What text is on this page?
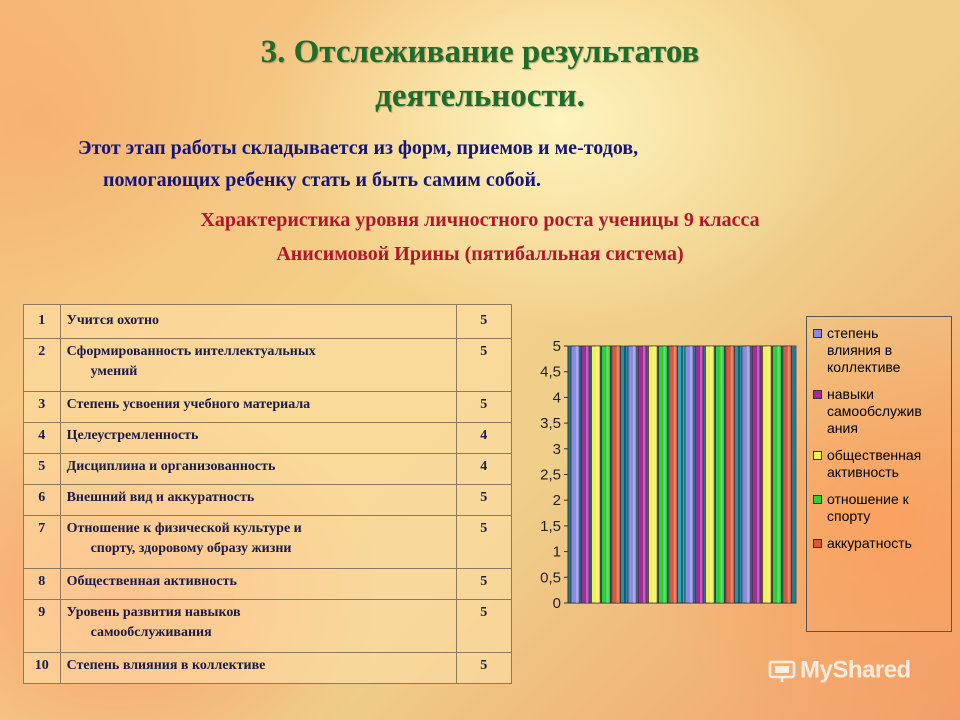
3. Отслеживание результатов
деятельности.
Этот этап работы складывается из форм, приемов и ме-тодов,
помогающих ребенку стать и быть самим собой.
Характеристика уровня личностного роста ученицы 9 класса
Анисимовой Ирины (пятибалльная система)
1	Учится охотно	5
2	Сформированность интеллектуальных
умений	5
3	Степень усвоения учебного материала	5
4	Целеустремленность	4
5	Дисциплина и организованность	4
6	Внешний вид и аккуратность	5
7	Отношение к физической культуре и
спорту, здоровому образу жизни	5
8	Общественная активность	5
9	Уровень развития навыков
самообслуживания	5
10	Степень влияния в коллективе	5
0
0,5
1
1,5
2
2,5
3
3,5
4
4,5
5
степень
влияния в
коллективе
навыки
самообслужив
ания
общественная
активность
отношение к
спорту
аккуратность
MyShared
